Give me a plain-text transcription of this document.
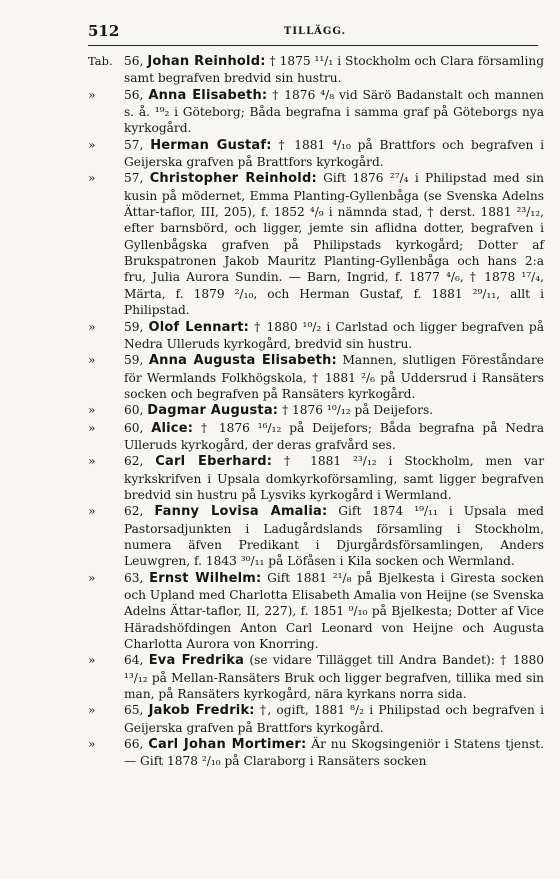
512	TILLÄGG.

Tab. 56, Johan Reinhold: † 1875 ¹¹/₁ i Stockholm och Clara församling samt begrafven bredvid sin hustru.

» 56, Anna Elisabeth: † 1876 ⁴/₈ vid Särö Badanstalt och mannen s. å. ¹⁹₂ i Göteborg; Båda begrafna i samma graf på Göteborgs nya kyrkogård.

» 57, Herman Gustaf: † 1881 ⁴/₁₀ på Brattfors och begrafven i Geijerska grafven på Brattfors kyrkogård.

» 57, Christopher Reinhold: Gift 1876 ²⁷/₄ i Philipstad med sin kusin på mödernet, Emma Planting-Gyllenbåga (se Svenska Adelns Ättar-taflor, III, 205), f. 1852 ⁴/₉ i nämnda stad, † derst. 1881 ²³/₁₂, efter barnsbörd, och ligger, jemte sin aflidna dotter, begrafven i Gyllenbågska grafven på Philipstads kyrkogård; Dotter af Brukspatronen Jakob Mauritz Planting-Gyllenbåga och hans 2:a fru, Julia Aurora Sundin. — Barn, Ingrid, f. 1877 ⁴/₆, † 1878 ¹⁷/₄, Märta, f. 1879 ²/₁₀, och Herman Gustaf, f. 1881 ²⁹/₁₁, allt i Philipstad.

» 59, Olof Lennart: † 1880 ¹⁰/₂ i Carlstad och ligger begrafven på Nedra Ulleruds kyrkogård, bredvid sin hustru.

» 59, Anna Augusta Elisabeth: Mannen, slutligen Föreståndare för Wermlands Folkhögskola, † 1881 ²/₆ på Uddersrud i Ransäters socken och begrafven på Ransäters kyrkogård.

» 60, Dagmar Augusta: † 1876 ¹⁰/₁₂ på Deijefors.

» 60, Alice: † 1876 ¹⁶/₁₂ på Deijefors; Båda begrafna på Nedra Ulleruds kyrkogård, der deras grafvård ses.

» 62, Carl Eberhard: † 1881 ²³/₁₂ i Stockholm, men var kyrkskrifven i Upsala domkyrkoförsamling, samt ligger begrafven bredvid sin hustru på Lysviks kyrkogård i Wermland.

» 62, Fanny Lovisa Amalia: Gift 1874 ¹⁹/₁₁ i Upsala med Pastorsadjunkten i Ladugårdslands församling i Stockholm, numera äfven Predikant i Djurgårdsförsamlingen, Anders Leuwgren, f. 1843 ³⁰/₁₁ på Löfåsen i Kila socken och Wermland.

» 63, Ernst Wilhelm: Gift 1881 ²¹/₈ på Bjelkesta i Giresta socken och Upland med Charlotta Elisabeth Amalia von Heijne (se Svenska Adelns Ättar-taflor, II, 227), f. 1851 ⁹/₁₀ på Bjelkesta; Dotter af Vice Häradshöfdingen Anton Carl Leonard von Heijne och Augusta Charlotta Aurora von Knorring.

» 64, Eva Fredrika (se vidare Tillägget till Andra Bandet): † 1880 ¹³/₁₂ på Mellan-Ransäters Bruk och ligger begrafven, tillika med sin man, på Ransäters kyrkogård, nära kyrkans norra sida.

» 65, Jakob Fredrik: †, ogift, 1881 ⁸/₂ i Philipstad och begrafven i Geijerska grafven på Brattfors kyrkogård.

» 66, Carl Johan Mortimer: Är nu Skogsingeniör i Statens tjenst. — Gift 1878 ²/₁₀ på Claraborg i Ransäters socken
